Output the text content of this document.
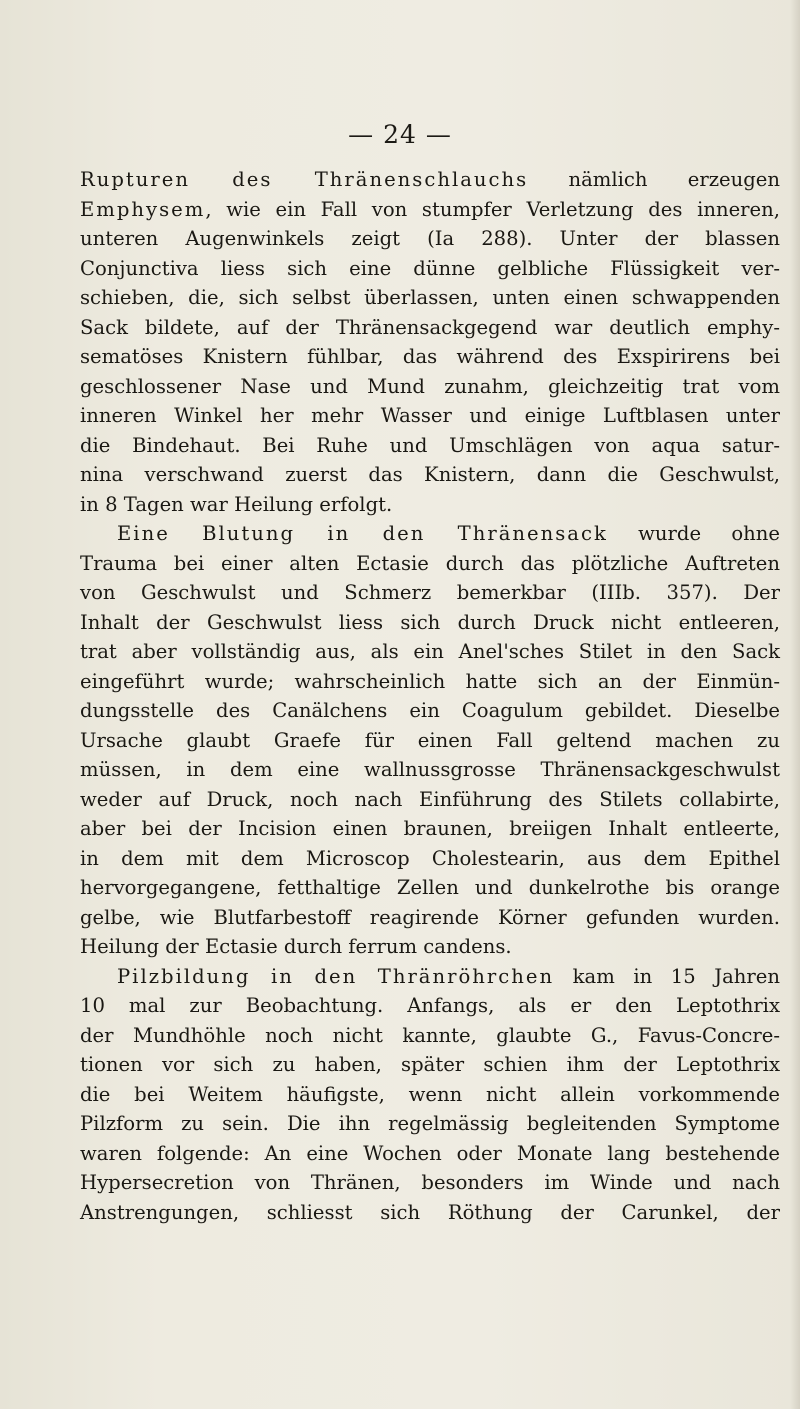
— 24 —

Rupturen des Thränenschlauchs nämlich erzeugen
Emphysem, wie ein Fall von stumpfer Verletzung des inneren,
unteren Augenwinkels zeigt (Ia 288). Unter der blassen
Conjunctiva liess sich eine dünne gelbliche Flüssigkeit ver-
schieben, die, sich selbst überlassen, unten einen schwappenden
Sack bildete, auf der Thränensackgegend war deutlich emphy-
sematöses Knistern fühlbar, das während des Exspirirens bei
geschlossener Nase und Mund zunahm, gleichzeitig trat vom
inneren Winkel her mehr Wasser und einige Luftblasen unter
die Bindehaut. Bei Ruhe und Umschlägen von aqua satur-
nina verschwand zuerst das Knistern, dann die Geschwulst,
in 8 Tagen war Heilung erfolgt.

Eine Blutung in den Thränensack wurde ohne
Trauma bei einer alten Ectasie durch das plötzliche Auftreten
von Geschwulst und Schmerz bemerkbar (IIIb. 357). Der
Inhalt der Geschwulst liess sich durch Druck nicht entleeren,
trat aber vollständig aus, als ein Anel'sches Stilet in den Sack
eingeführt wurde; wahrscheinlich hatte sich an der Einmün-
dungsstelle des Canälchens ein Coagulum gebildet. Dieselbe
Ursache glaubt Graefe für einen Fall geltend machen zu
müssen, in dem eine wallnussgrosse Thränensackgeschwulst
weder auf Druck, noch nach Einführung des Stilets collabirte,
aber bei der Incision einen braunen, breiigen Inhalt entleerte,
in dem mit dem Microscop Cholestearin, aus dem Epithel
hervorgegangene, fetthaltige Zellen und dunkelrothe bis orange
gelbe, wie Blutfarbestoff reagirende Körner gefunden wurden.
Heilung der Ectasie durch ferrum candens.

Pilzbildung in den Thränröhrchen kam in 15 Jahren
10 mal zur Beobachtung. Anfangs, als er den Leptothrix
der Mundhöhle noch nicht kannte, glaubte G., Favus-Concre-
tionen vor sich zu haben, später schien ihm der Leptothrix
die bei Weitem häufigste, wenn nicht allein vorkommende
Pilzform zu sein. Die ihn regelmässig begleitenden Symptome
waren folgende: An eine Wochen oder Monate lang bestehende
Hypersecretion von Thränen, besonders im Winde und nach
Anstrengungen, schliesst sich Röthung der Carunkel, der
